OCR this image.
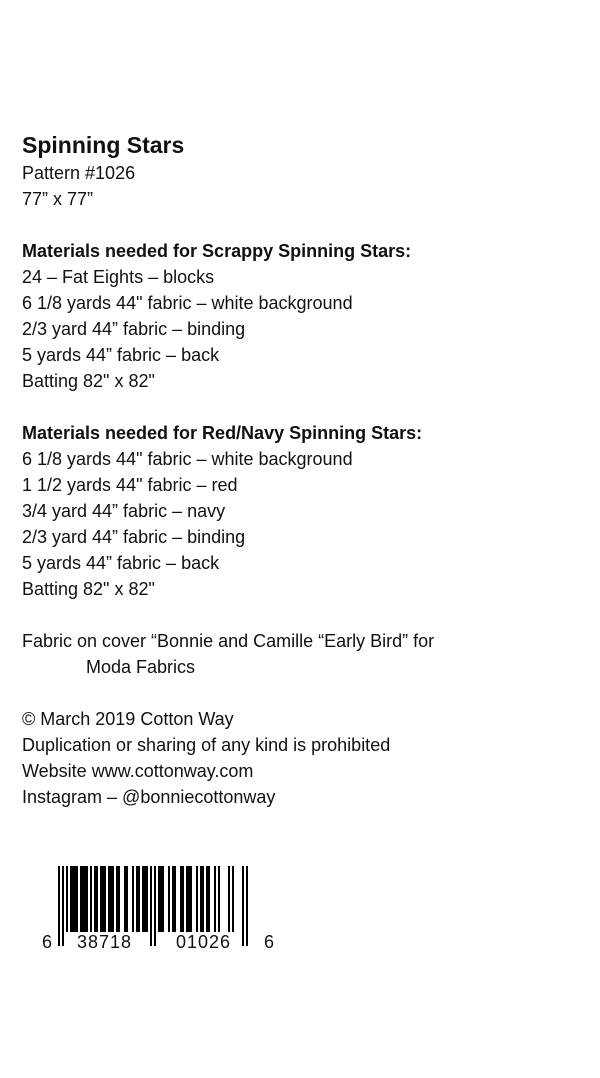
Spinning Stars

Pattern #1026

77” x 77”

Materials needed for Scrappy Spinning Stars:

24 – Fat Eights – blocks

6 1/8 yards 44" fabric – white background

2/3 yard 44” fabric – binding

5 yards 44” fabric – back

Batting 82" x 82"

Materials needed for Red/Navy Spinning Stars:

6 1/8 yards 44" fabric – white background

1 1/2 yards 44" fabric – red

3/4 yard 44” fabric – navy

2/3 yard 44” fabric – binding

5 yards 44” fabric – back

Batting 82" x 82"

Fabric on cover “Bonnie and Camille “Early Bird” for

Moda Fabrics

© March 2019 Cotton Way

Duplication or sharing of any kind is prohibited

Website www.cottonway.com

Instagram – @bonniecottonway

6 38718 01026 6
